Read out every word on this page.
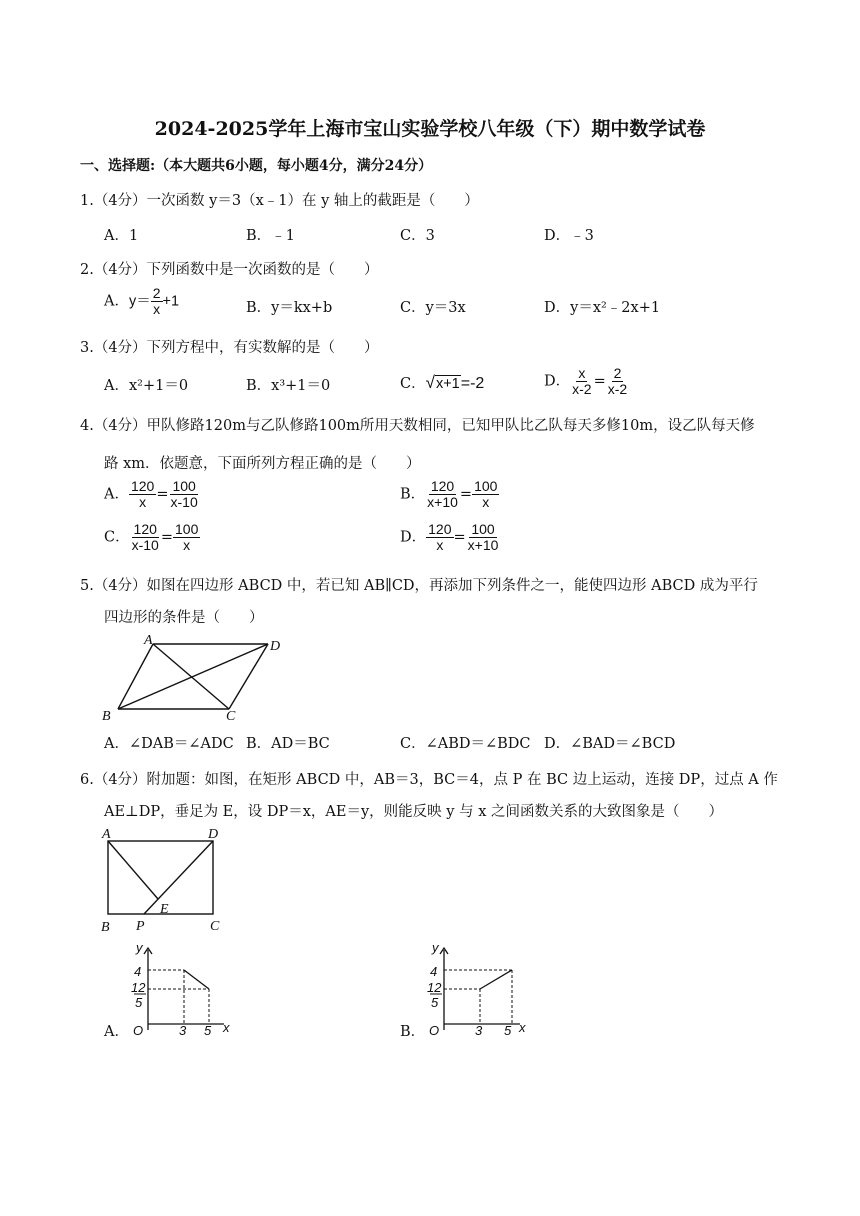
2024-2025学年上海市宝山实验学校八年级（下）期中数学试卷
一、选择题:（本大题共6小题，每小题4分，满分24分）
1.（4分）一次函数 y＝3（x﹣1）在 y 轴上的截距是（　　）
A．1	B．﹣1	C．3	D．﹣3
2.（4分）下列函数中是一次函数的是（　　）
A．$y= \frac{2}{x} +1$	B．y＝kx+b	C．y＝3x	D．y＝x²﹣2x+1
3.（4分）下列方程中，有实数解的是（　　）
A．x²+1＝0	B．x³+1＝0	C．√x+1=-2	D． $\frac{x}{x-2} = \frac{2}{x-2}$
4.（4分）甲队修路120m与乙队修路100m所用天数相同，已知甲队比乙队每天多修10m，设乙队每天修
路 xm．依题意，下面所列方程正确的是（　　）
A． $\frac{120}{x} = \frac{100}{x-10}$	B． $\frac{120}{x+10} = \frac{100}{x}$
C． $\frac{120}{x-10} = \frac{100}{x}$	D． $\frac{120}{x} = \frac{100}{x+10}$
5.（4分）如图在四边形 ABCD 中，若已知 AB∥CD，再添加下列条件之一，能使四边形 ABCD 成为平行
四边形的条件是（　　）
A	D
B	C
A．∠DAB＝∠ADC B．AD＝BC	C．∠ABD＝∠BDC D．∠BAD＝∠BCD
6.（4分）附加题：如图，在矩形 ABCD 中，AB＝3，BC＝4，点 P 在 BC 边上运动，连接 DP，过点 A 作
AE⊥DP，垂足为 E，设 DP＝x，AE＝y，则能反映 y 与 x 之间函数关系的大致图象是（　　）
A	D
B	C
E
P
A．
y
4
12
5
O	3 5 x	B．
y
4
12
5
O	3 5 x
